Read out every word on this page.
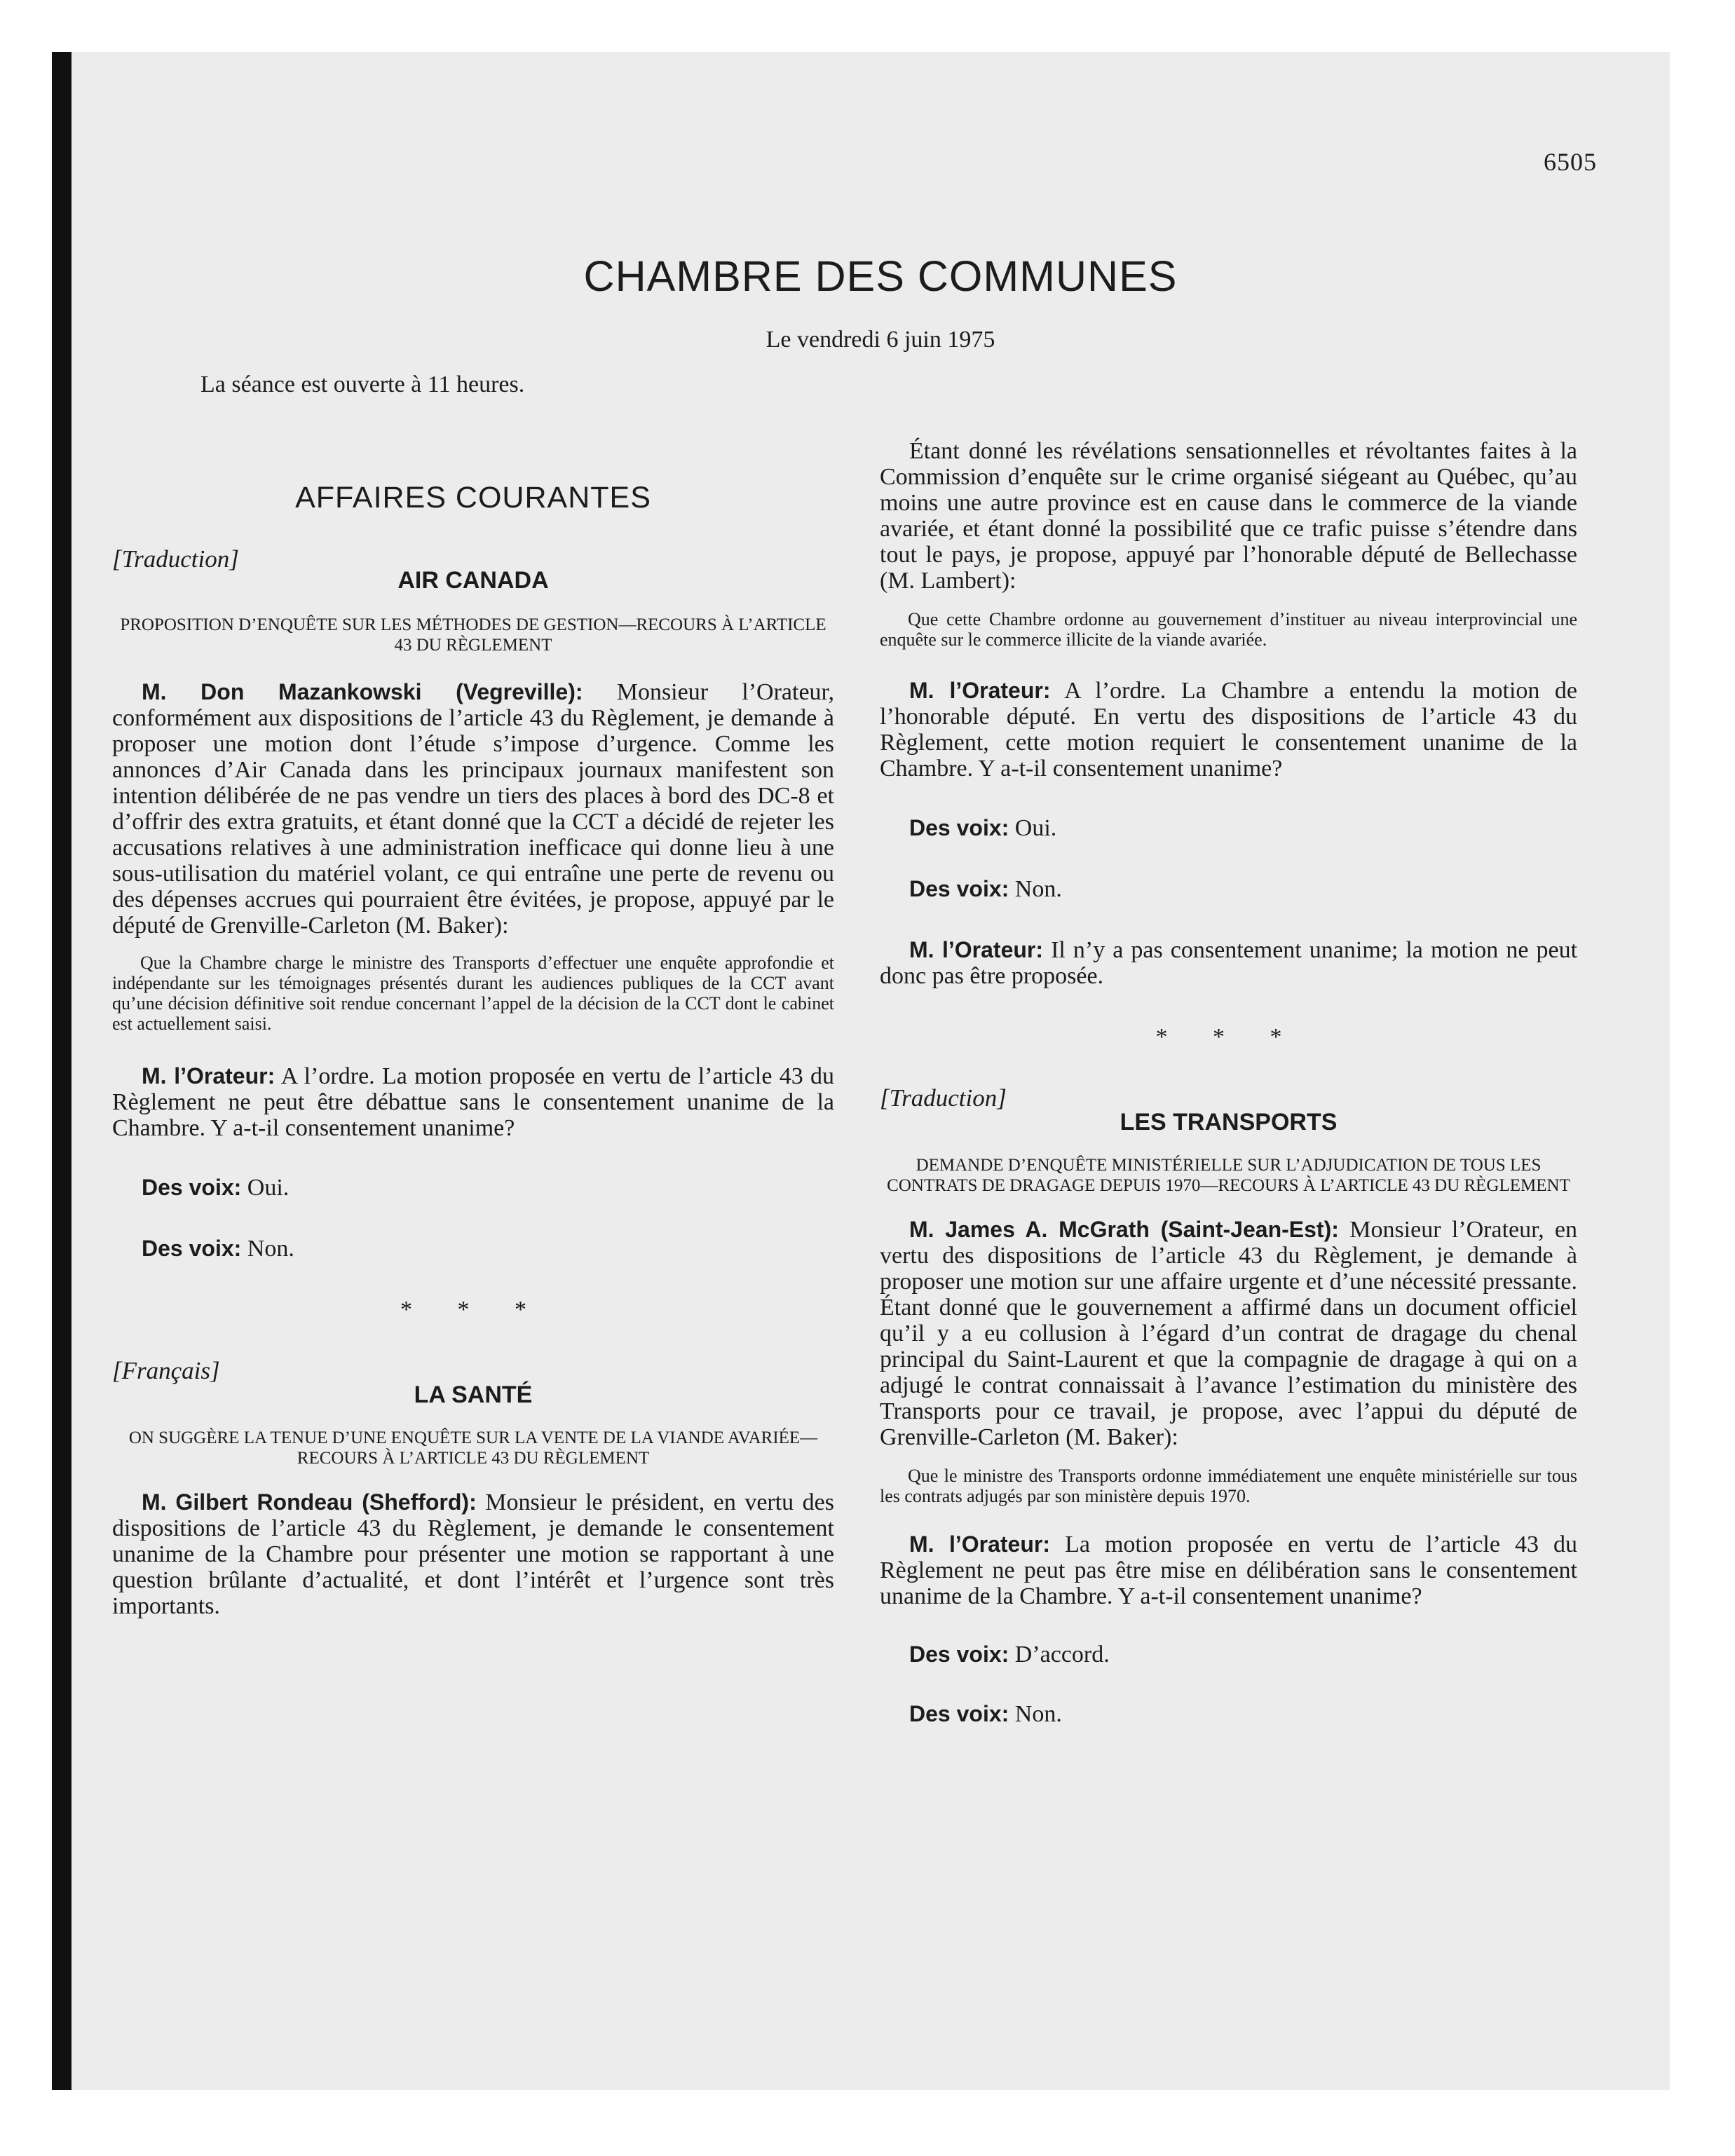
6505
CHAMBRE DES COMMUNES
Le vendredi 6 juin 1975

La séance est ouverte à 11 heures.

AFFAIRES COURANTES
[Traduction]
AIR CANADA
PROPOSITION D’ENQUÊTE SUR LES MÉTHODES DE GESTION—RECOURS À L’ARTICLE 43 DU RÈGLEMENT

M. Don Mazankowski (Vegreville): Monsieur l’Orateur, conformément aux dispositions de l’article 43 du Règlement, je demande à proposer une motion dont l’étude s’impose d’urgence. Comme les annonces d’Air Canada dans les principaux journaux manifestent son intention délibérée de ne pas vendre un tiers des places à bord des DC-8 et d’offrir des extra gratuits, et étant donné que la CCT a décidé de rejeter les accusations relatives à une administration inefficace qui donne lieu à une sous-utilisation du matériel volant, ce qui entraîne une perte de revenu ou des dépenses accrues qui pourraient être évitées, je propose, appuyé par le député de Grenville-Carleton (M. Baker):

Que la Chambre charge le ministre des Transports d’effectuer une enquête approfondie et indépendante sur les témoignages présentés durant les audiences publiques de la CCT avant qu’une décision définitive soit rendue concernant l’appel de la décision de la CCT dont le cabinet est actuellement saisi.

M. l’Orateur: A l’ordre. La motion proposée en vertu de l’article 43 du Règlement ne peut être débattue sans le consentement unanime de la Chambre. Y a-t-il consentement unanime?

Des voix: Oui.

Des voix: Non.

* * *
[Français]
LA SANTÉ
ON SUGGÈRE LA TENUE D’UNE ENQUÊTE SUR LA VENTE DE LA VIANDE AVARIÉE—RECOURS À L’ARTICLE 43 DU RÈGLEMENT

M. Gilbert Rondeau (Shefford): Monsieur le président, en vertu des dispositions de l’article 43 du Règlement, je demande le consentement unanime de la Chambre pour présenter une motion se rapportant à une question brûlante d’actualité, et dont l’intérêt et l’urgence sont très importants.

Étant donné les révélations sensationnelles et révoltantes faites à la Commission d’enquête sur le crime organisé siégeant au Québec, qu’au moins une autre province est en cause dans le commerce de la viande avariée, et étant donné la possibilité que ce trafic puisse s’étendre dans tout le pays, je propose, appuyé par l’honorable député de Bellechasse (M. Lambert):

Que cette Chambre ordonne au gouvernement d’instituer au niveau interprovincial une enquête sur le commerce illicite de la viande avariée.

M. l’Orateur: A l’ordre. La Chambre a entendu la motion de l’honorable député. En vertu des dispositions de l’article 43 du Règlement, cette motion requiert le consentement unanime de la Chambre. Y a-t-il consentement unanime?

Des voix: Oui.

Des voix: Non.

M. l’Orateur: Il n’y a pas consentement unanime; la motion ne peut donc pas être proposée.

* * *
[Traduction]
LES TRANSPORTS
DEMANDE D’ENQUÊTE MINISTÉRIELLE SUR L’ADJUDICATION DE TOUS LES CONTRATS DE DRAGAGE DEPUIS 1970—RECOURS À L’ARTICLE 43 DU RÈGLEMENT

M. James A. McGrath (Saint-Jean-Est): Monsieur l’Orateur, en vertu des dispositions de l’article 43 du Règlement, je demande à proposer une motion sur une affaire urgente et d’une nécessité pressante. Étant donné que le gouvernement a affirmé dans un document officiel qu’il y a eu collusion à l’égard d’un contrat de dragage du chenal principal du Saint-Laurent et que la compagnie de dragage à qui on a adjugé le contrat connaissait à l’avance l’estimation du ministère des Transports pour ce travail, je propose, avec l’appui du député de Grenville-Carleton (M. Baker):

Que le ministre des Transports ordonne immédiatement une enquête ministérielle sur tous les contrats adjugés par son ministère depuis 1970.

M. l’Orateur: La motion proposée en vertu de l’article 43 du Règlement ne peut pas être mise en délibération sans le consentement unanime de la Chambre. Y a-t-il consentement unanime?

Des voix: D’accord.

Des voix: Non.
